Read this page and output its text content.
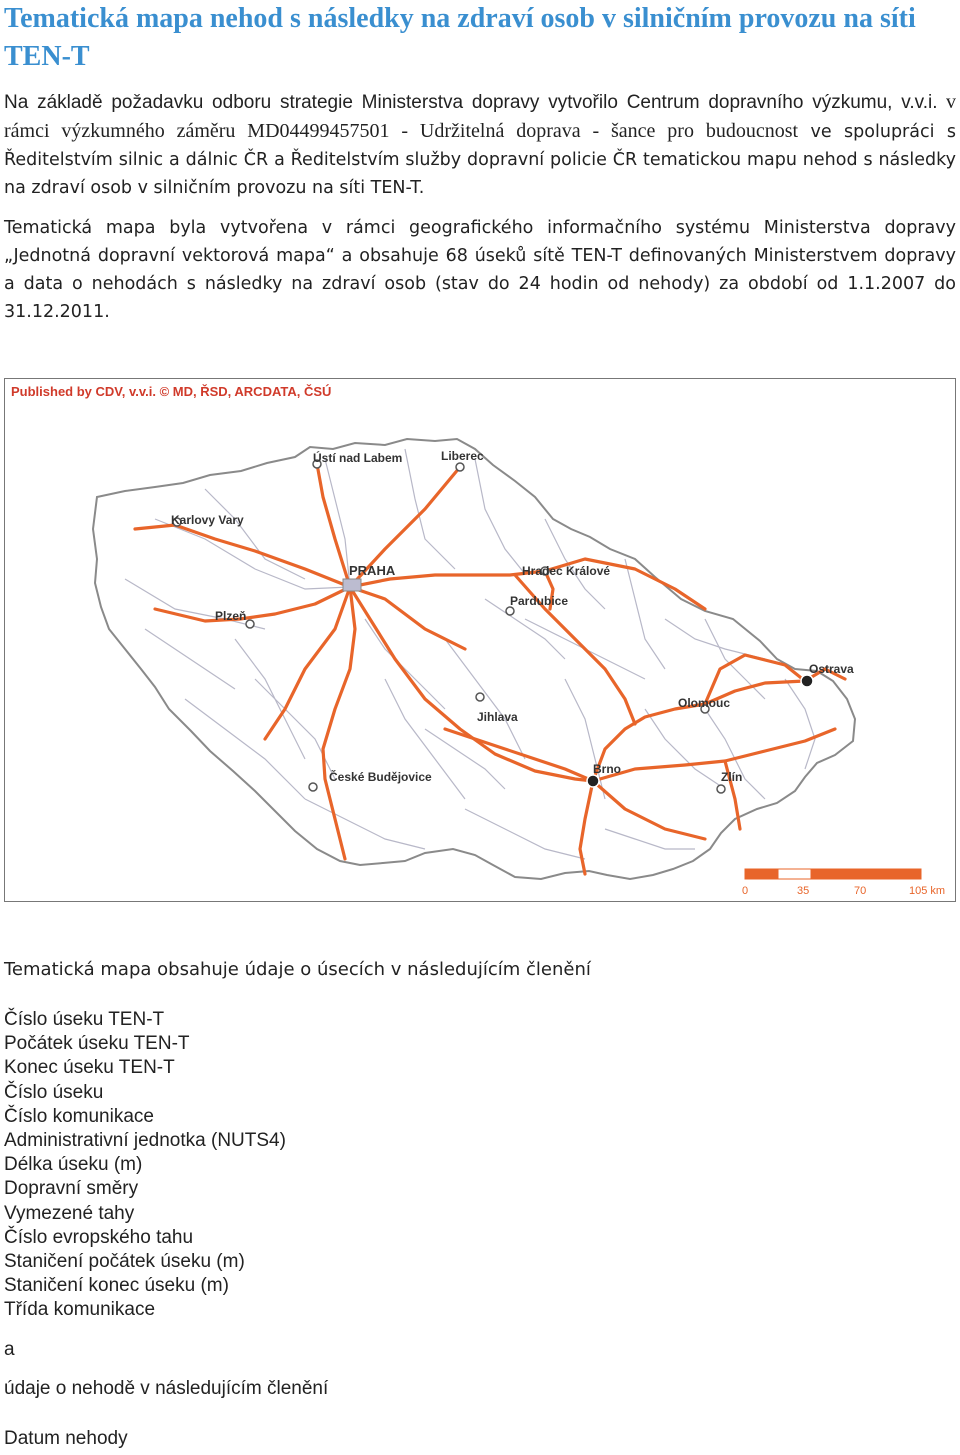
Tematická mapa nehod s následky na zdraví osob v silničním provozu na síti TEN-T

Na základě požadavku odboru strategie Ministerstva dopravy vytvořilo Centrum dopravního výzkumu, v.v.i. v rámci výzkumného záměru MD04499457501 - Udržitelná doprava - šance pro budoucnost ve spolupráci s Ředitelstvím silnic a dálnic ČR a Ředitelstvím služby dopravní policie ČR tematickou mapu nehod s následky na zdraví osob v silničním provozu na síti TEN-T.

Tematická mapa byla vytvořena v rámci geografického informačního systému Ministerstva dopravy „Jednotná dopravní vektorová mapa“ a obsahuje 68 úseků sítě TEN-T definovaných Ministerstvem dopravy a data o nehodách s následky na zdraví osob (stav do 24 hodin od nehody) za období od 1.1.2007 do 31.12.2011.

Published by CDV, v.v.i. © MD, ŘSD, ARCDATA, ČSÚ
Ústí nad Labem	Liberec
Karlovy Vary
PRAHA	Hradec Králové
Pardubice
Plzeň
Ostrava
Olomouc
Jihlava
Brno
Zlín
České Budějovice
0	35	70	105 km

Tematická mapa obsahuje údaje o úsecích v následujícím členění

Číslo úseku TEN-T
Počátek úseku TEN-T
Konec úseku TEN-T
Číslo úseku
Číslo komunikace
Administrativní jednotka (NUTS4)
Délka úseku (m)
Dopravní směry
Vymezené tahy
Číslo evropského tahu
Staničení počátek úseku (m)
Staničení konec úseku (m)
Třída komunikace
a
údaje o nehodě v následujícím členění
Datum nehody
